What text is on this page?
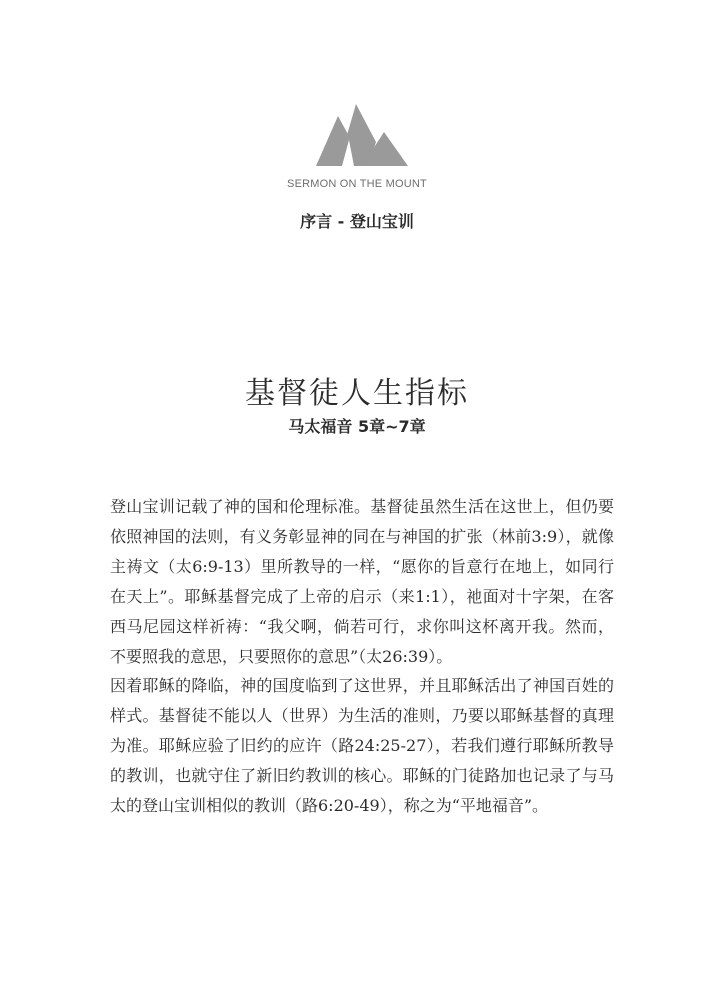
SERMON ON THE MOUNT
序言 - 登山宝训
基督徒人生指标
马太福音 5章~7章

登山宝训记载了神的国和伦理标准。基督徒虽然生活在这世上，但仍要依照神国的法则，有义务彰显神的同在与神国的扩张（林前3:9），就像主祷文（太6:9-13）里所教导的一样，“愿你的旨意行在地上，如同行在天上”。耶稣基督完成了上帝的启示（来1:1），祂面对十字架，在客西马尼园这样祈祷：“我父啊，倘若可行，求你叫这杯离开我。然而，不要照我的意思，只要照你的意思”（太26:39）。

因着耶稣的降临，神的国度临到了这世界，并且耶稣活出了神国百姓的样式。基督徒不能以人（世界）为生活的准则，乃要以耶稣基督的真理为准。耶稣应验了旧约的应许（路24:25-27），若我们遵行耶稣所教导的教训，也就守住了新旧约教训的核心。耶稣的门徒路加也记录了与马太的登山宝训相似的教训（路6:20-49），称之为“平地福音”。
